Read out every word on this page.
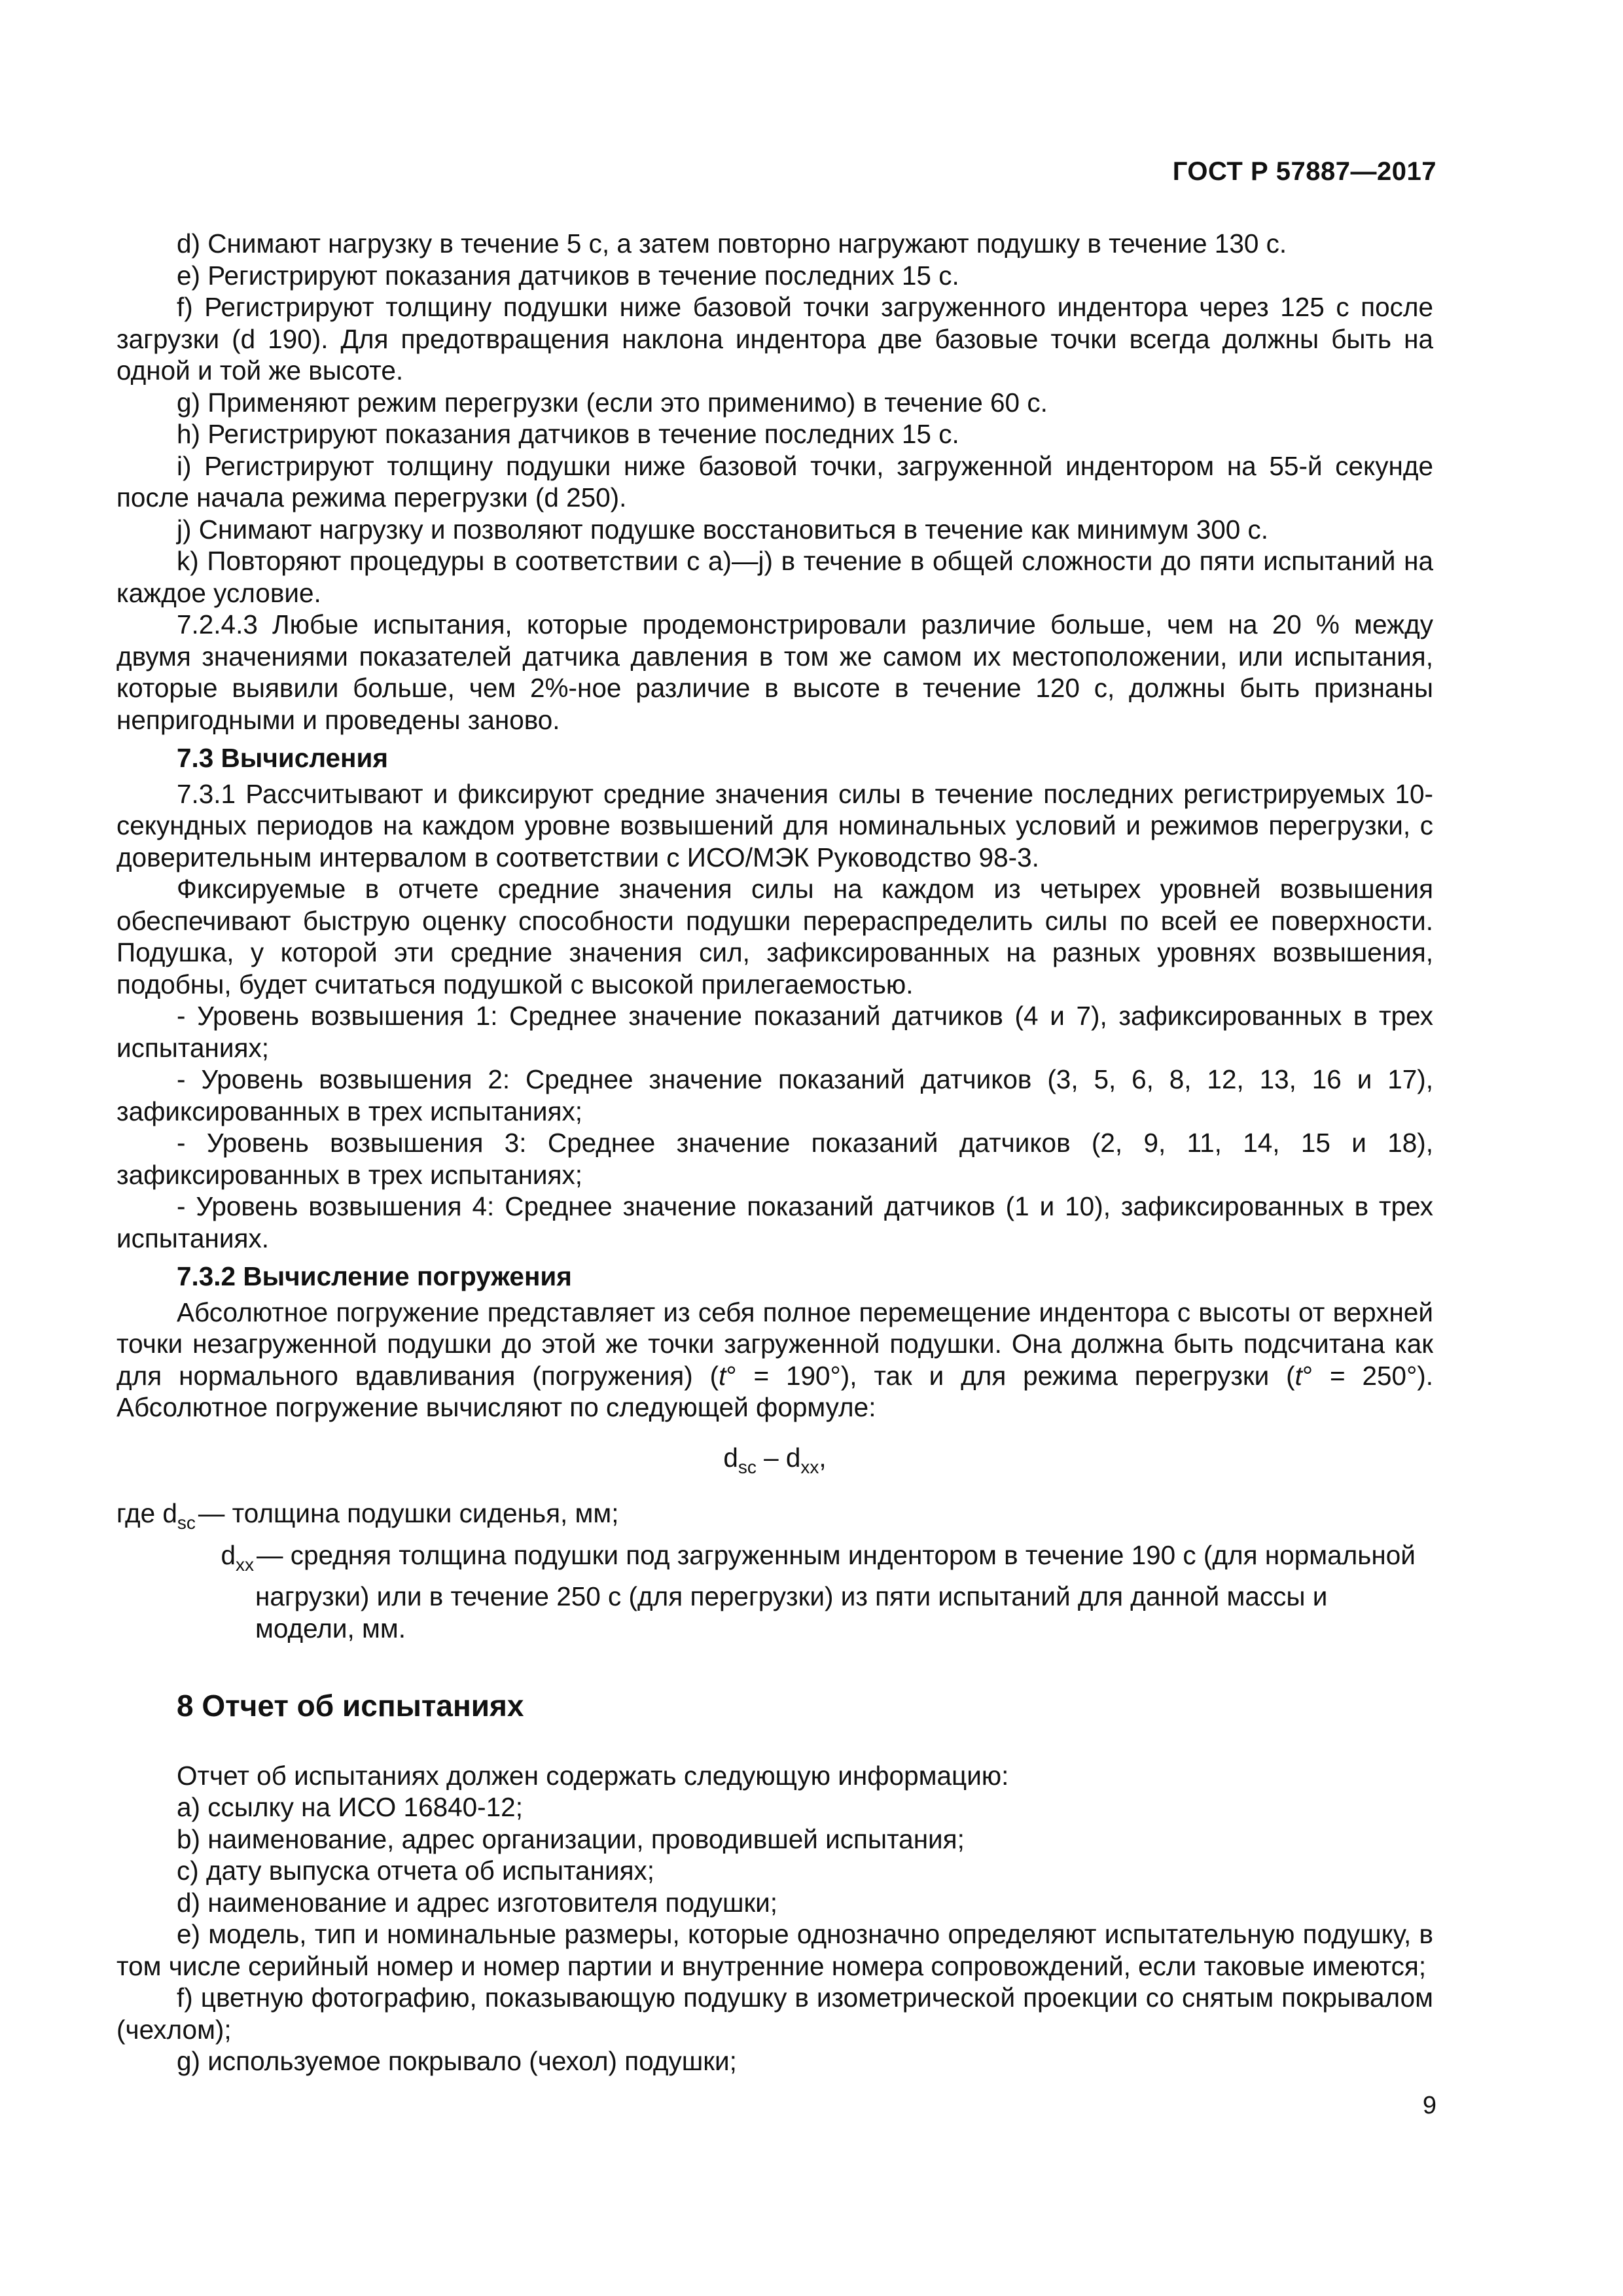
ГОСТ Р 57887—2017

d) Снимают нагрузку в течение 5 с, а затем повторно нагружают подушку в течение 130 с.

e) Регистрируют показания датчиков в течение последних 15 с.

f) Регистрируют толщину подушки ниже базовой точки загруженного индентора через 125 с после загрузки (d 190). Для предотвращения наклона индентора две базовые точки всегда должны быть на одной и той же высоте.

g) Применяют режим перегрузки (если это применимо) в течение 60 с.

h) Регистрируют показания датчиков в течение последних 15 с.

i) Регистрируют толщину подушки ниже базовой точки, загруженной индентором на 55-й секунде после начала режима перегрузки (d 250).

j) Снимают нагрузку и позволяют подушке восстановиться в течение как минимум 300 с.

k) Повторяют процедуры в соответствии с a)—j) в течение в общей сложности до пяти испытаний на каждое условие.

7.2.4.3 Любые испытания, которые продемонстрировали различие больше, чем на 20 % между двумя значениями показателей датчика давления в том же самом их местоположении, или испытания, которые выявили больше, чем 2%-ное различие в высоте в течение 120 с, должны быть признаны непригодными и проведены заново.

7.3 Вычисления

7.3.1 Рассчитывают и фиксируют средние значения силы в течение последних регистрируемых 10-секундных периодов на каждом уровне возвышений для номинальных условий и режимов перегрузки, с доверительным интервалом в соответствии с ИСО/МЭК Руководство 98-3.

Фиксируемые в отчете средние значения силы на каждом из четырех уровней возвышения обеспечивают быструю оценку способности подушки перераспределить силы по всей ее поверхности. Подушка, у которой эти средние значения сил, зафиксированных на разных уровнях возвышения, подобны, будет считаться подушкой с высокой прилегаемостью.

- Уровень возвышения 1: Среднее значение показаний датчиков (4 и 7), зафиксированных в трех испытаниях;

- Уровень возвышения 2: Среднее значение показаний датчиков (3, 5, 6, 8, 12, 13, 16 и 17), зафиксированных в трех испытаниях;

- Уровень возвышения 3: Среднее значение показаний датчиков (2, 9, 11, 14, 15 и 18), зафиксированных в трех испытаниях;

- Уровень возвышения 4: Среднее значение показаний датчиков (1 и 10), зафиксированных в трех испытаниях.

7.3.2 Вычисление погружения

Абсолютное погружение представляет из себя полное перемещение индентора с высоты от верхней точки незагруженной подушки до этой же точки загруженной подушки. Она должна быть подсчитана как для нормального вдавливания (погружения) (t° = 190°), так и для режима перегрузки (t° = 250°). Абсолютное погружение вычисляют по следующей формуле:

$d_{sc} - d_{xx}$,
где $d_{sc}$ — толщина подушки сиденья, мм;
$d_{xx}$ — средняя толщина подушки под загруженным индентором в течение 190 с (для нормальной
нагрузки) или в течение 250 с (для перегрузки) из пяти испытаний для данной массы и модели, мм.
8 Отчет об испытаниях

Отчет об испытаниях должен содержать следующую информацию:

a) ссылку на ИСО 16840-12;

b) наименование, адрес организации, проводившей испытания;

c) дату выпуска отчета об испытаниях;

d) наименование и адрес изготовителя подушки;

e) модель, тип и номинальные размеры, которые однозначно определяют испытательную подушку, в том числе серийный номер и номер партии и внутренние номера сопровождений, если таковые имеются;

f) цветную фотографию, показывающую подушку в изометрической проекции со снятым покрывалом (чехлом);

g) используемое покрывало (чехол) подушки;

9
